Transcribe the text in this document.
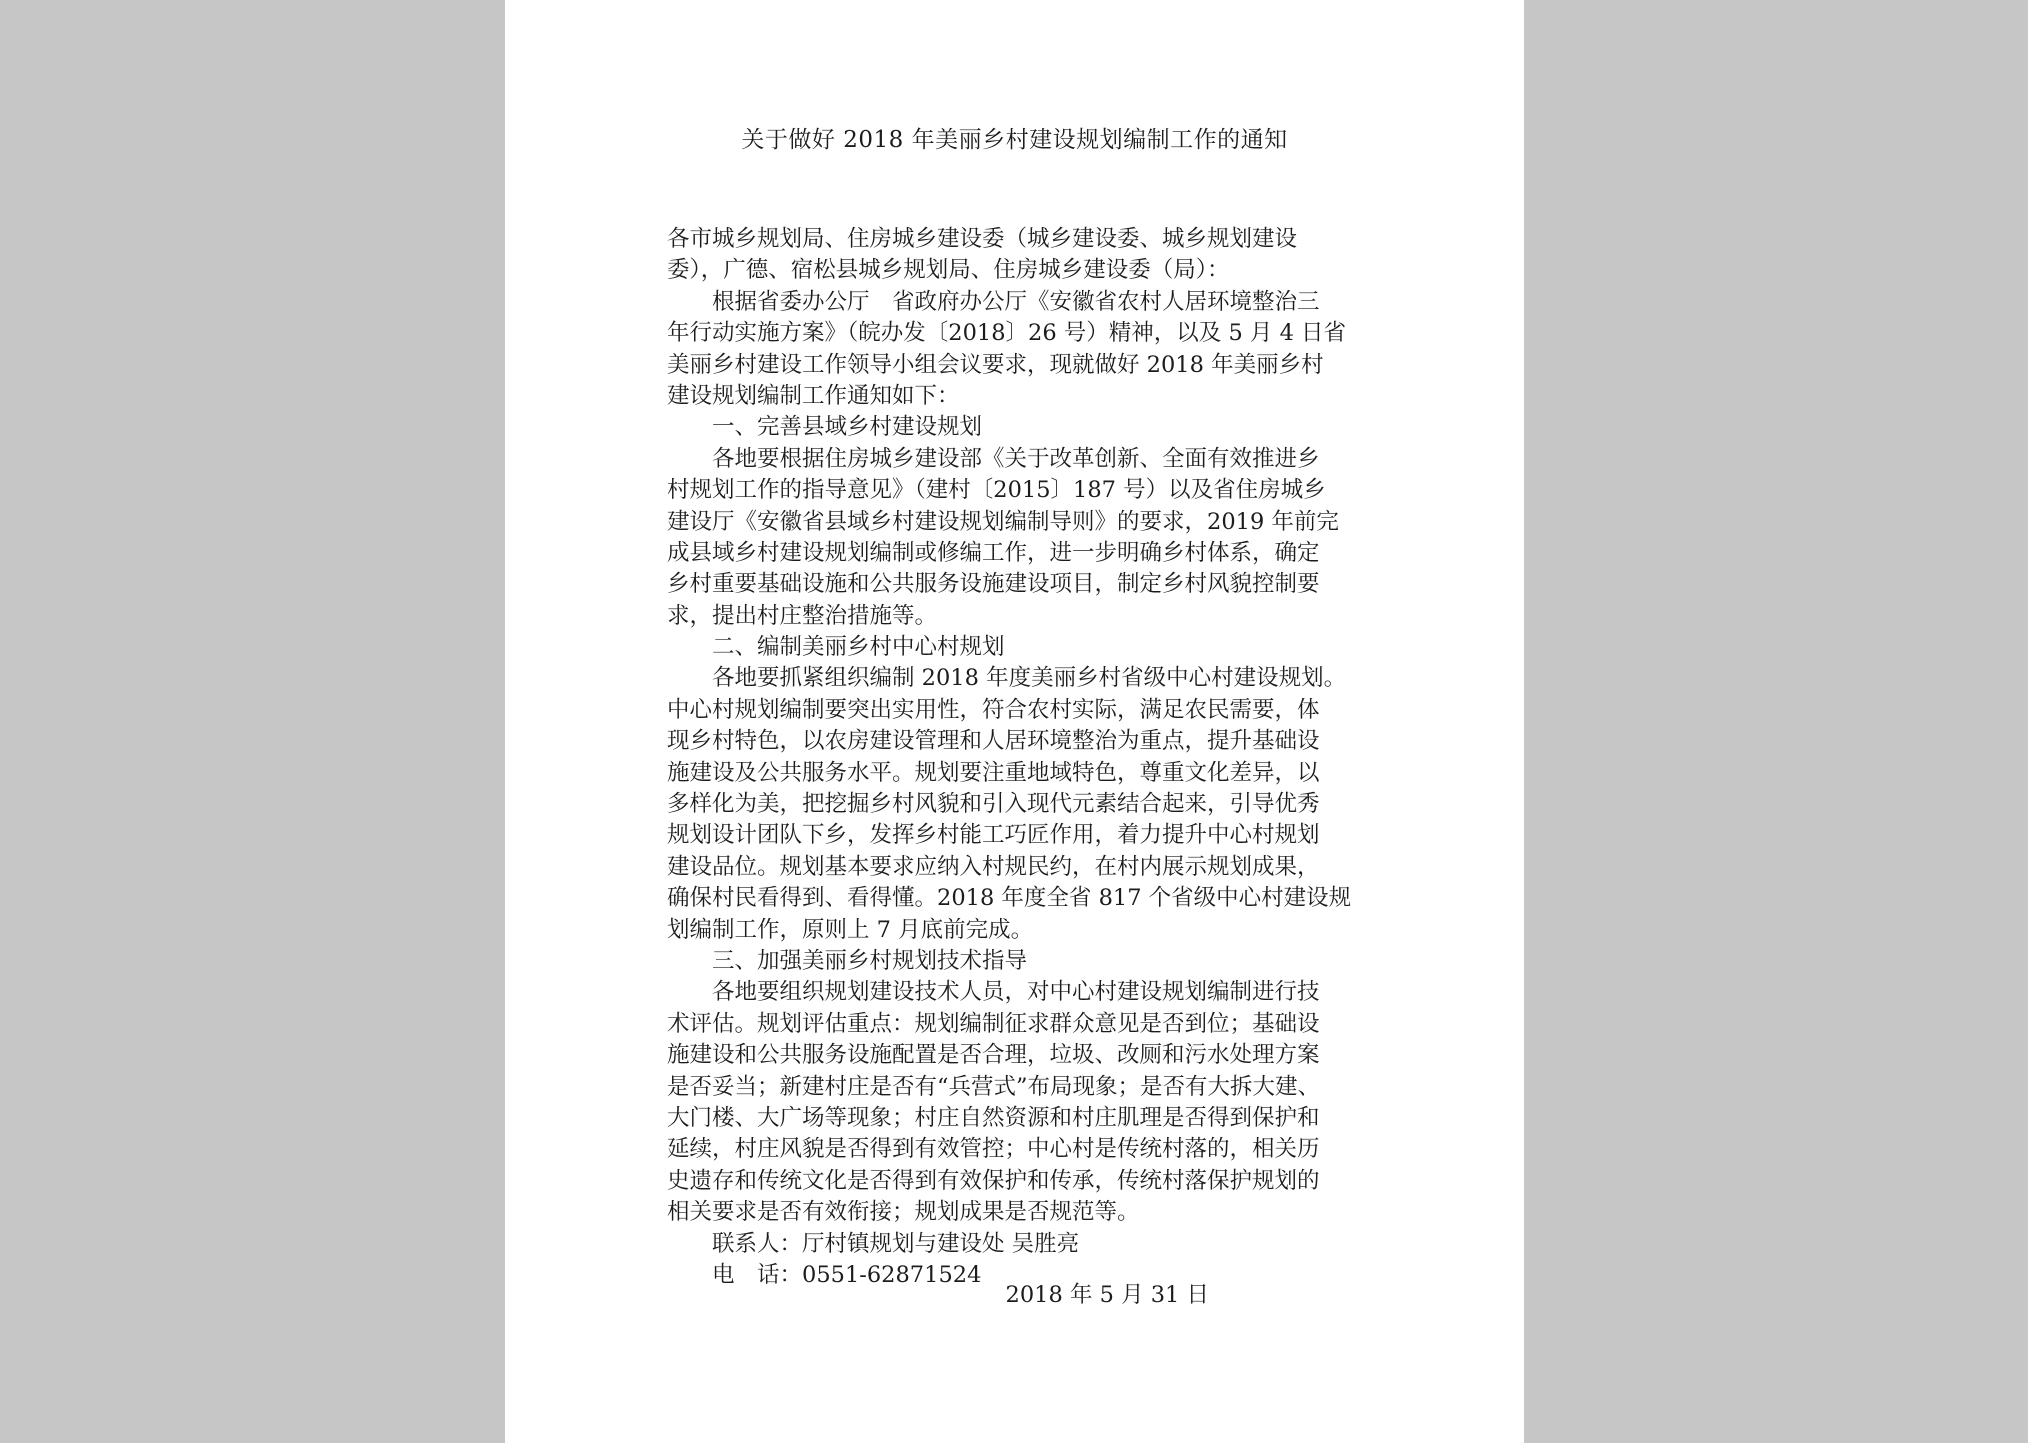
关于做好 2018 年美丽乡村建设规划编制工作的通知
各市城乡规划局、住房城乡建设委（城乡建设委、城乡规划建设
委），广德、宿松县城乡规划局、住房城乡建设委（局）：
　　根据省委办公厅　省政府办公厅《安徽省农村人居环境整治三
年行动实施方案》（皖办发〔2018〕26 号）精神，以及 5 月 4 日省
美丽乡村建设工作领导小组会议要求，现就做好 2018 年美丽乡村
建设规划编制工作通知如下：
　　一、完善县域乡村建设规划
　　各地要根据住房城乡建设部《关于改革创新、全面有效推进乡
村规划工作的指导意见》（建村〔2015〕187 号）以及省住房城乡
建设厅《安徽省县域乡村建设规划编制导则》的要求，2019 年前完
成县域乡村建设规划编制或修编工作，进一步明确乡村体系，确定
乡村重要基础设施和公共服务设施建设项目，制定乡村风貌控制要
求，提出村庄整治措施等。
　　二、编制美丽乡村中心村规划
　　各地要抓紧组织编制 2018 年度美丽乡村省级中心村建设规划。
中心村规划编制要突出实用性，符合农村实际，满足农民需要，体
现乡村特色，以农房建设管理和人居环境整治为重点，提升基础设
施建设及公共服务水平。规划要注重地域特色，尊重文化差异，以
多样化为美，把挖掘乡村风貌和引入现代元素结合起来，引导优秀
规划设计团队下乡，发挥乡村能工巧匠作用，着力提升中心村规划
建设品位。规划基本要求应纳入村规民约，在村内展示规划成果，
确保村民看得到、看得懂。2018 年度全省 817 个省级中心村建设规
划编制工作，原则上 7 月底前完成。
　　三、加强美丽乡村规划技术指导
　　各地要组织规划建设技术人员，对中心村建设规划编制进行技
术评估。规划评估重点：规划编制征求群众意见是否到位；基础设
施建设和公共服务设施配置是否合理，垃圾、改厕和污水处理方案
是否妥当；新建村庄是否有“兵营式”布局现象；是否有大拆大建、
大门楼、大广场等现象；村庄自然资源和村庄肌理是否得到保护和
延续，村庄风貌是否得到有效管控；中心村是传统村落的，相关历
史遗存和传统文化是否得到有效保护和传承，传统村落保护规划的
相关要求是否有效衔接；规划成果是否规范等。
　　联系人：厅村镇规划与建设处 吴胜亮
　　电　话：0551-62871524
2018 年 5 月 31 日
